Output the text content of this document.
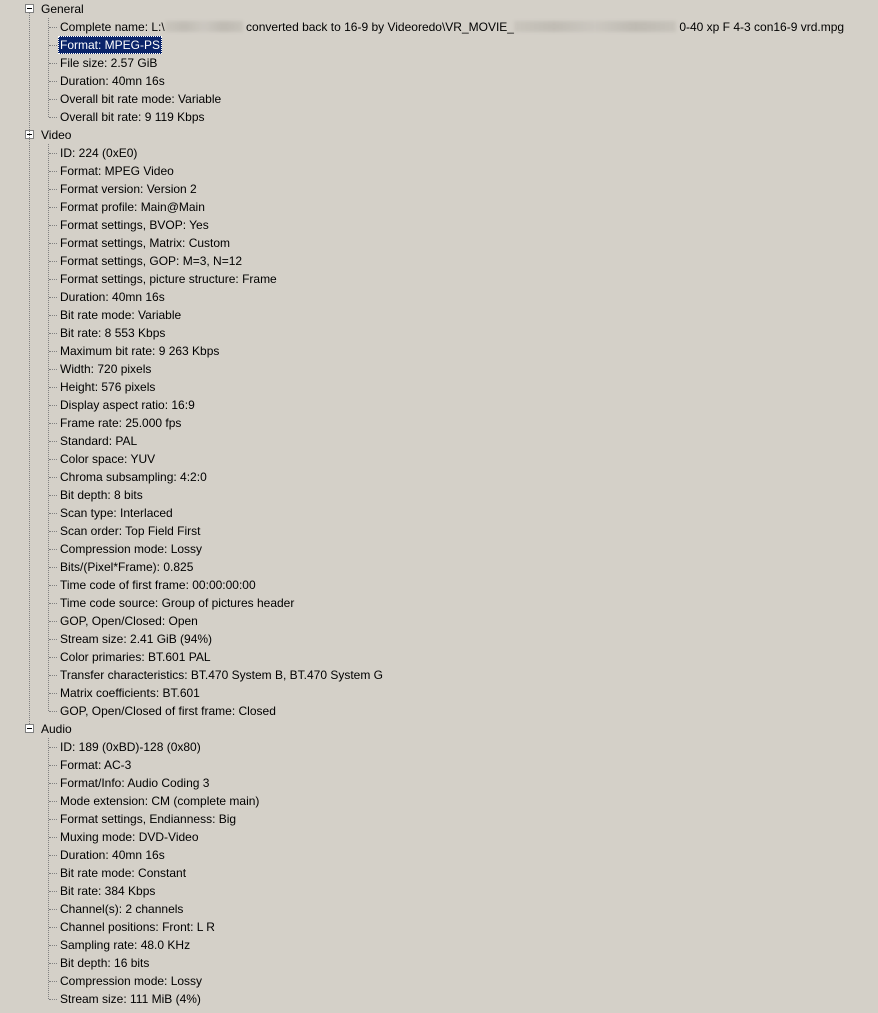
General
Complete name: L:\	converted back to 16-9 by Videoredo\VR_MOVIE_	0-40 xp F 4-3 con16-9 vrd.mpg
Format: MPEG-PS
File size: 2.57 GiB
Duration: 40mn 16s
Overall bit rate mode: Variable
Overall bit rate: 9 119 Kbps
Video
ID: 224 (0xE0)
Format: MPEG Video
Format version: Version 2
Format profile: Main@Main
Format settings, BVOP: Yes
Format settings, Matrix: Custom
Format settings, GOP: M=3, N=12
Format settings, picture structure: Frame
Duration: 40mn 16s
Bit rate mode: Variable
Bit rate: 8 553 Kbps
Maximum bit rate: 9 263 Kbps
Width: 720 pixels
Height: 576 pixels
Display aspect ratio: 16:9
Frame rate: 25.000 fps
Standard: PAL
Color space: YUV
Chroma subsampling: 4:2:0
Bit depth: 8 bits
Scan type: Interlaced
Scan order: Top Field First
Compression mode: Lossy
Bits/(Pixel*Frame): 0.825
Time code of first frame: 00:00:00:00
Time code source: Group of pictures header
GOP, Open/Closed: Open
Stream size: 2.41 GiB (94%)
Color primaries: BT.601 PAL
Transfer characteristics: BT.470 System B, BT.470 System G
Matrix coefficients: BT.601
GOP, Open/Closed of first frame: Closed
Audio
ID: 189 (0xBD)-128 (0x80)
Format: AC-3
Format/Info: Audio Coding 3
Mode extension: CM (complete main)
Format settings, Endianness: Big
Muxing mode: DVD-Video
Duration: 40mn 16s
Bit rate mode: Constant
Bit rate: 384 Kbps
Channel(s): 2 channels
Channel positions: Front: L R
Sampling rate: 48.0 KHz
Bit depth: 16 bits
Compression mode: Lossy
Stream size: 111 MiB (4%)
